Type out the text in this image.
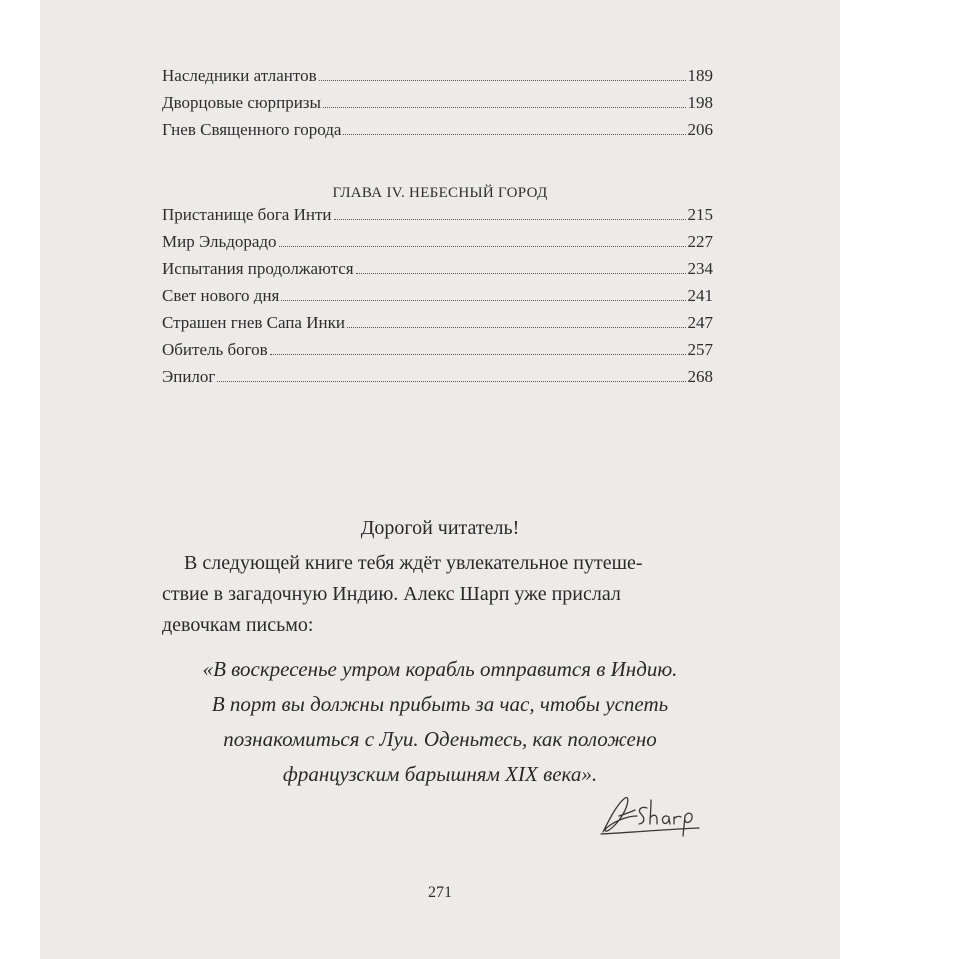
Наследники атлантов	189
Дворцовые сюрпризы	198
Гнев Священного города	206
ГЛАВА IV. НЕБЕСНЫЙ ГОРОД
Пристанище бога Инти	215
Мир Эльдорадо	227
Испытания продолжаются	234
Свет нового дня	241
Страшен гнев Сапа Инки	247
Обитель богов	257
Эпилог	268
Дорогой читатель!
В следующей книге тебя ждёт увлекательное путеше-
ствие в загадочную Индию. Алекс Шарп уже прислал
девочкам письмо:
«В воскресенье утром корабль отправится в Индию.
В порт вы должны прибыть за час, чтобы успеть
познакомиться с Луи. Оденьтесь, как положено
французским барышням XIX века».
271
